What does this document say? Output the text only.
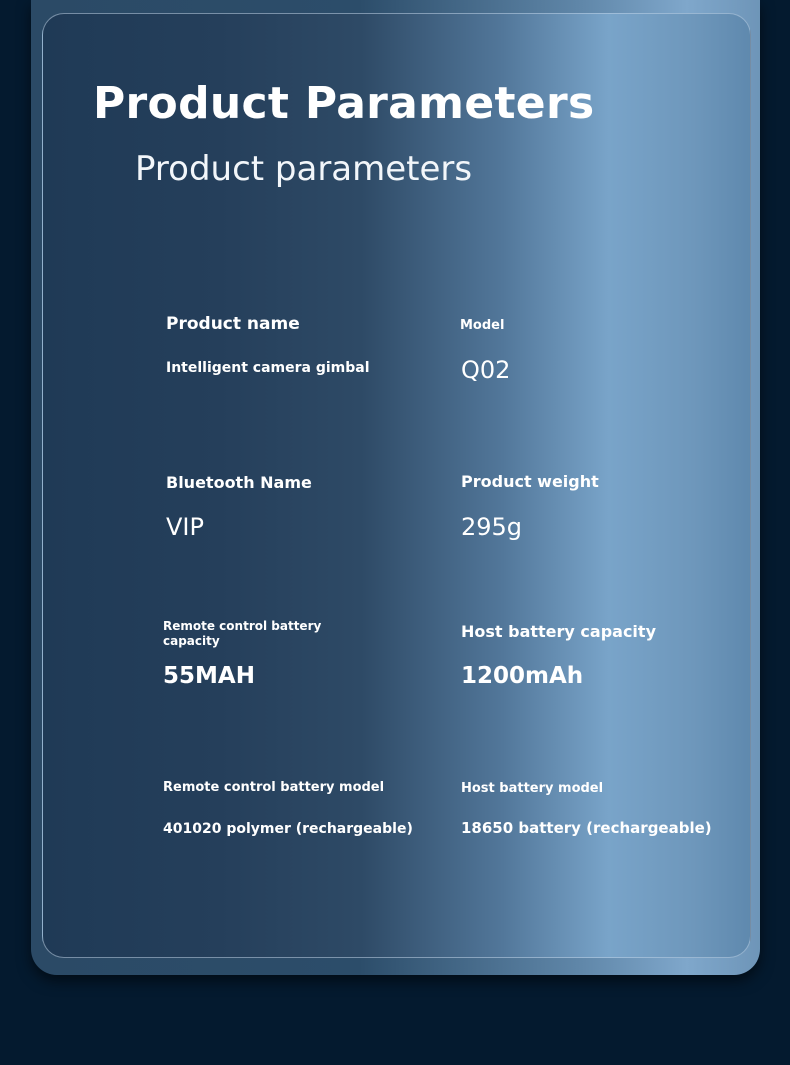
Product Parameters
Product parameters
Product name
Intelligent camera gimbal
Model
Q02
Bluetooth Name
VIP
Product weight
295g
Remote control battery
capacity
55MAH
Host battery capacity
1200mAh
Remote control battery model
401020 polymer (rechargeable)
Host battery model
18650 battery (rechargeable)
